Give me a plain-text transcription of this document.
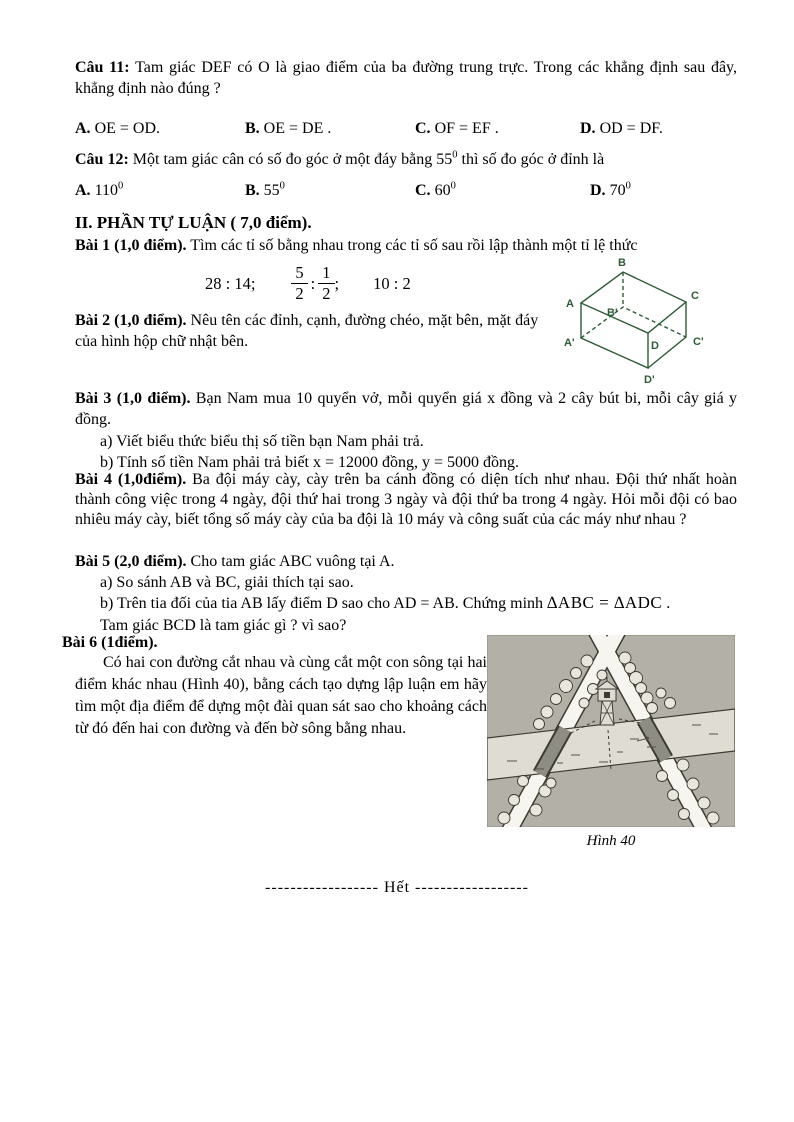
Câu 11: Tam giác DEF có O là giao điểm của ba đường trung trực. Trong các khẳng định sau đây, khẳng định nào đúng ?
A. OE = OD.	B. OE = DE .	C. OF = EF .	D. OD = DF.
Câu 12: Một tam giác cân có số đo góc ở một đáy bằng $55^0$ thì số đo góc ở đỉnh là
A. $110^0$	B. $55^0$	C. $60^0$	D. $70^0$
II. PHẦN TỰ LUẬN ( 7,0 điểm).
Bài 1 (1,0 điểm). Tìm các tỉ số bằng nhau trong các tỉ số sau rồi lập thành một tỉ lệ thức
28 : 14; $\frac{5}{2}$ : $\frac{1}{2}$ ; 10 : 2
Bài 2 (1,0 điểm). Nêu tên các đỉnh, cạnh, đường chéo, mặt bên, mặt đáy của hình hộp chữ nhật bên.
B
A
C
B'
D
A'	C'
D'
Bài 3 (1,0 điểm). Bạn Nam mua 10 quyển vở, mỗi quyển giá x đồng và 2 cây bút bi, mỗi cây giá y đồng.
a) Viết biểu thức biểu thị số tiền bạn Nam phải trả.
b) Tính số tiền Nam phải trả biết x = 12000 đồng, y = 5000 đồng.
Bài 4 (1,0điểm). Ba đội máy cày, cày trên ba cánh đồng có diện tích như nhau. Đội thứ nhất hoàn thành công việc trong 4 ngày, đội thứ hai trong 3 ngày và đội thứ ba trong 4 ngày. Hỏi mỗi đội có bao nhiêu máy cày, biết tổng số máy cày của ba đội là 10 máy và công suất của các máy như nhau ?
Bài 5 (2,0 điểm). Cho tam giác ABC vuông tại A.
a) So sánh AB và BC, giải thích tại sao.
b) Trên tia đối của tia AB lấy điểm D sao cho AD = AB. Chứng minh ∆ABC = ∆ADC .
Tam giác BCD là tam giác gì ? vì sao?
Bài 6 (1điểm).
Có hai con đường cắt nhau và cùng cắt một con sông tại hai điểm khác nhau (Hình 40), bằng cách tạo dựng lập luận em hãy tìm một địa điểm để dựng một đài quan sát sao cho khoảng cách từ đó đến hai con đường và đến bờ sông bằng nhau.
Hình 40
------------------ Hết ------------------
